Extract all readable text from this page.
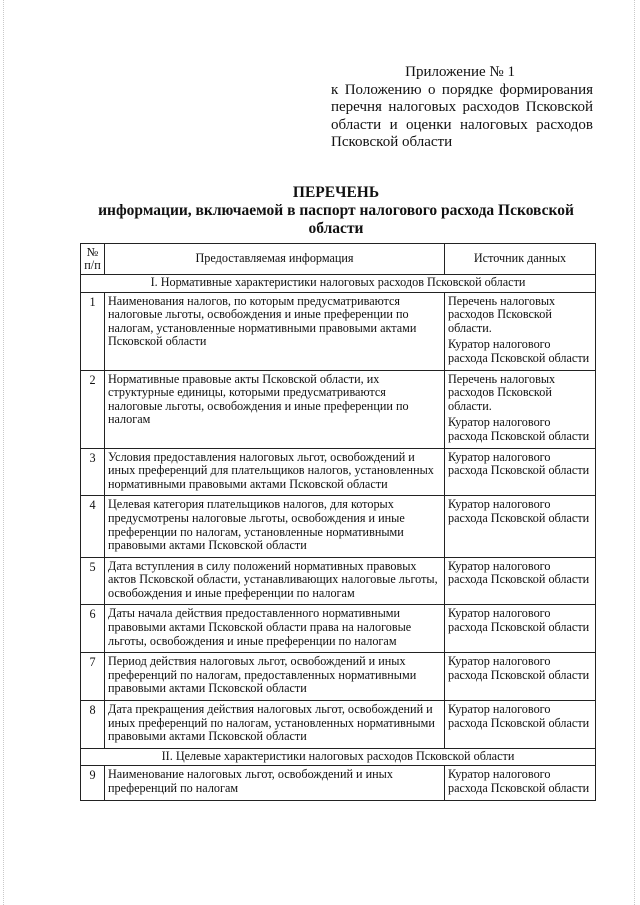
Приложение № 1
к Положению о порядке формирования перечня налоговых расходов Псковской области и оценки налоговых расходов Псковской области
ПЕРЕЧЕНЬ
информации, включаемой в паспорт налогового расхода Псковской области
№ п/п	Предоставляемая информация	Источник данных
I. Нормативные характеристики налоговых расходов Псковской области		
1	Наименования налогов, по которым предусматриваются налоговые льготы, освобождения и иные преференции по налогам, установленные нормативными правовыми актами Псковской области	Перечень налоговых расходов Псковской области.
Куратор налогового расхода Псковской области

2	Нормативные правовые акты Псковской области, их структурные единицы, которыми предусматриваются налоговые льготы, освобождения и иные преференции по налогам	Перечень налоговых расходов Псковской области.
Куратор налогового расхода Псковской области

3	Условия предоставления налоговых льгот, освобождений и иных преференций для плательщиков налогов, установленных нормативными правовыми актами Псковской области	Куратор налогового расхода Псковской области

4	Целевая категория плательщиков налогов, для которых предусмотрены налоговые льготы, освобождения и иные преференции по налогам, установленные нормативными правовыми актами Псковской области	Куратор налогового расхода Псковской области

5	Дата вступления в силу положений нормативных правовых актов Псковской области, устанавливающих налоговые льготы, освобождения и иные преференции по налогам	Куратор налогового расхода Псковской области

6	Даты начала действия предоставленного нормативными правовыми актами Псковской области права на налоговые льготы, освобождения и иные преференции по налогам	Куратор налогового расхода Псковской области

7	Период действия налоговых льгот, освобождений и иных преференций по налогам, предоставленных нормативными правовыми актами Псковской области	Куратор налогового расхода Псковской области

8	Дата прекращения действия налоговых льгот, освобождений и иных преференций по налогам, установленных нормативными правовыми актами Псковской области	Куратор налогового расхода Псковской области

II. Целевые характеристики налоговых расходов Псковской области		
9	Наименование налоговых льгот, освобождений и иных преференций по налогам	Куратор налогового расхода Псковской области
